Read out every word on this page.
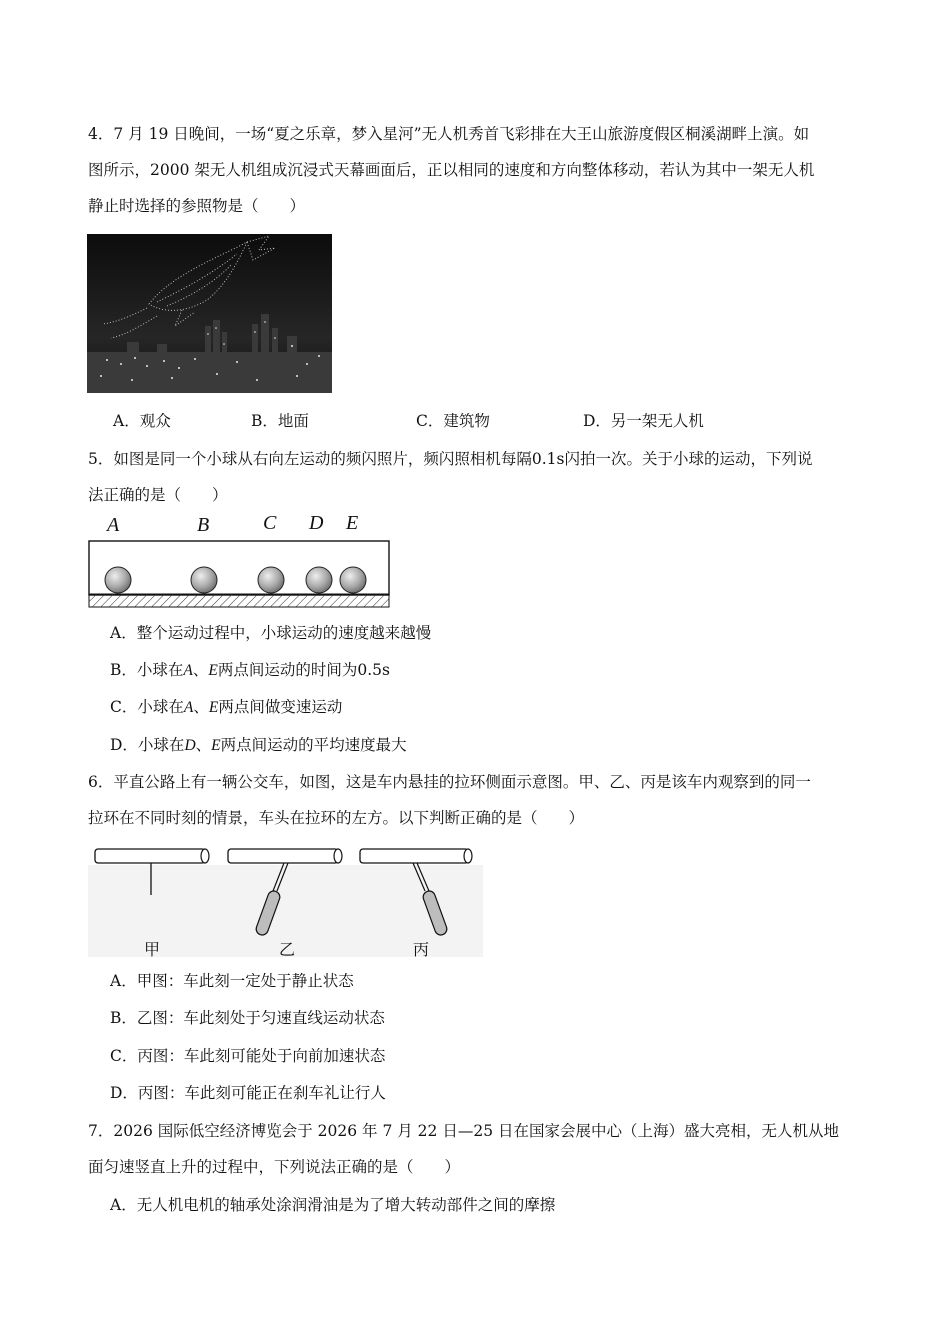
4．7 月 19 日晚间，一场“夏之乐章，梦入星河”无人机秀首飞彩排在大王山旅游度假区桐溪湖畔上演。如
图所示，2000 架无人机组成沉浸式天幕画面后，正以相同的速度和方向整体移动，若认为其中一架无人机
静止时选择的参照物是（　　）
A．观众	B．地面	C．建筑物	D．另一架无人机
5．如图是同一个小球从右向左运动的频闪照片，频闪照相机每隔0.1s闪拍一次。关于小球的运动，下列说
法正确的是（　　）
A	B	C D E
A．整个运动过程中，小球运动的速度越来越慢
B．小球在A、E两点间运动的时间为0.5s
C．小球在A、E两点间做变速运动
D．小球在D、E两点间运动的平均速度最大
6．平直公路上有一辆公交车，如图，这是车内悬挂的拉环侧面示意图。甲、乙、丙是该车内观察到的同一
拉环在不同时刻的情景，车头在拉环的左方。以下判断正确的是（　　）
甲	乙	丙
A．甲图：车此刻一定处于静止状态
B．乙图：车此刻处于匀速直线运动状态
C．丙图：车此刻可能处于向前加速状态
D．丙图：车此刻可能正在刹车礼让行人
7．2026 国际低空经济博览会于 2026 年 7 月 22 日—25 日在国家会展中心（上海）盛大亮相，无人机从地
面匀速竖直上升的过程中，下列说法正确的是（　　）
A．无人机电机的轴承处涂润滑油是为了增大转动部件之间的摩擦
